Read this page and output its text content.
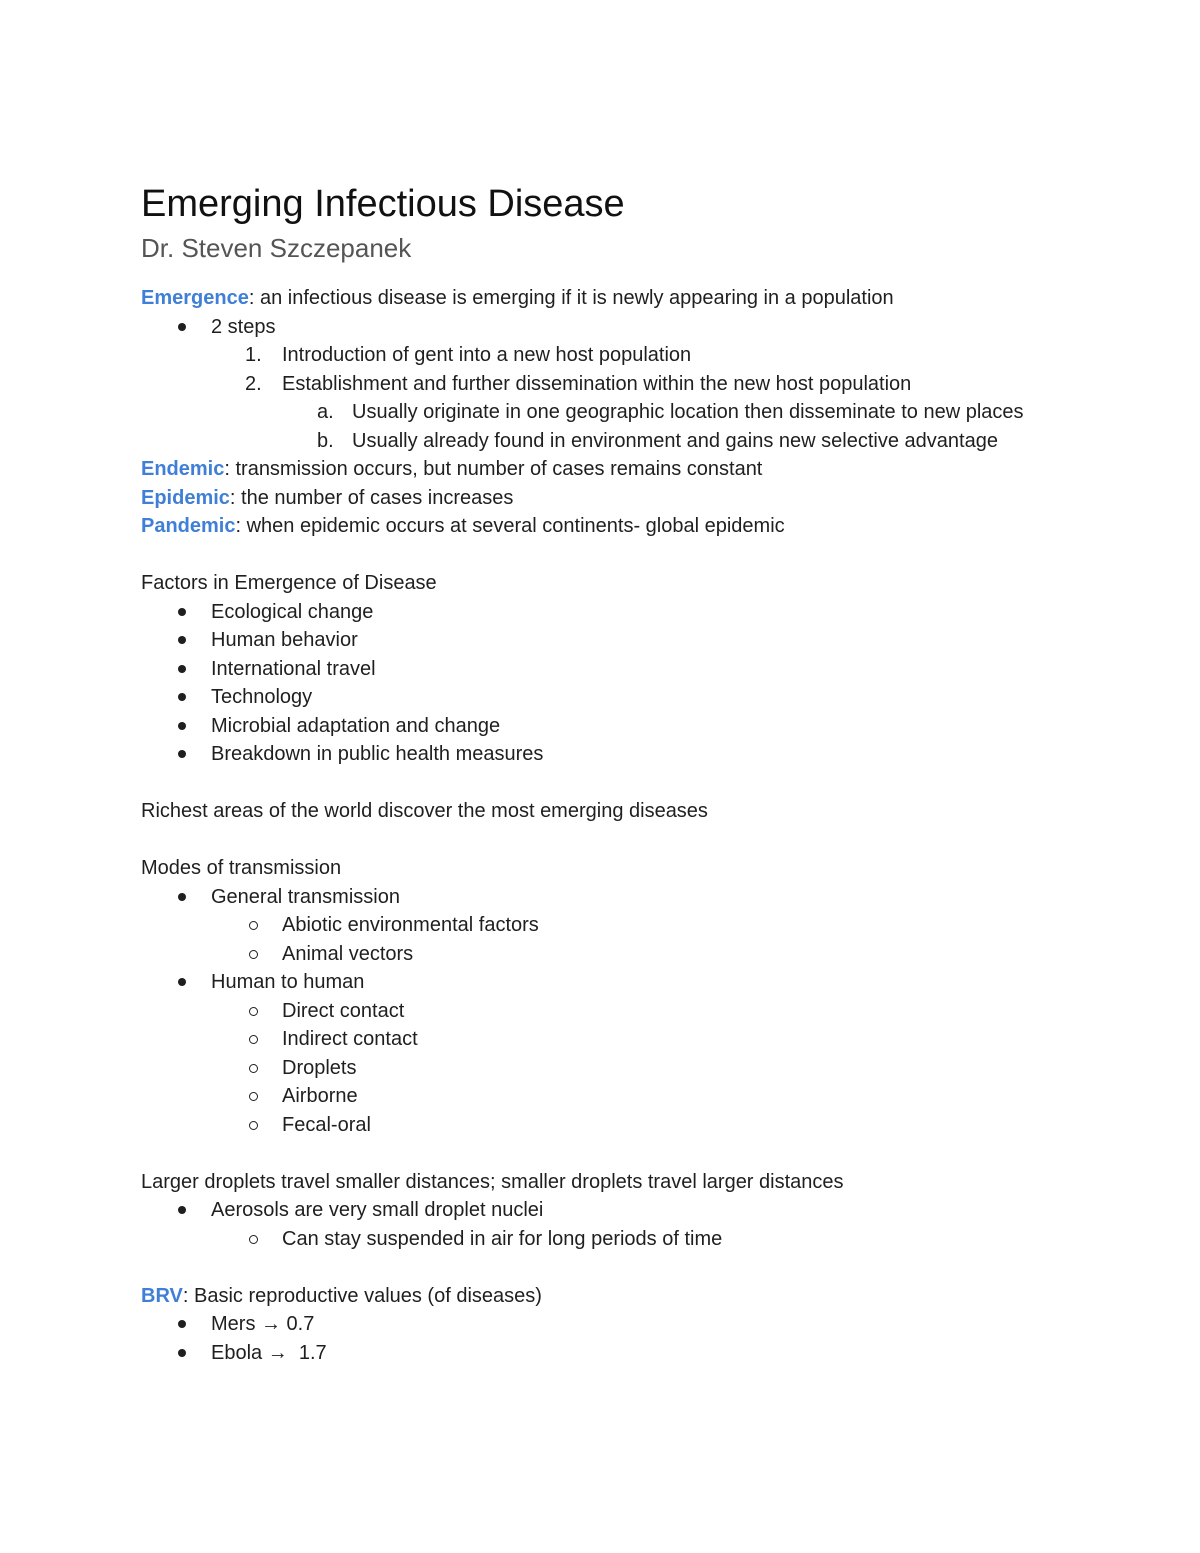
Emerging Infectious Disease
Dr. Steven Szczepanek
Emergence: an infectious disease is emerging if it is newly appearing in a population
2 steps
1. Introduction of gent into a new host population
2. Establishment and further dissemination within the new host population
a. Usually originate in one geographic location then disseminate to new places
b. Usually already found in environment and gains new selective advantage
Endemic: transmission occurs, but number of cases remains constant
Epidemic: the number of cases increases
Pandemic: when epidemic occurs at several continents- global epidemic
Factors in Emergence of Disease
Ecological change
Human behavior
International travel
Technology
Microbial adaptation and change
Breakdown in public health measures
Richest areas of the world discover the most emerging diseases
Modes of transmission
General transmission
Abiotic environmental factors
Animal vectors
Human to human
Direct contact
Indirect contact
Droplets
Airborne
Fecal-oral
Larger droplets travel smaller distances; smaller droplets travel larger distances
Aerosols are very small droplet nuclei
Can stay suspended in air for long periods of time
BRV: Basic reproductive values (of diseases)
Mers → 0.7
Ebola →  1.7
